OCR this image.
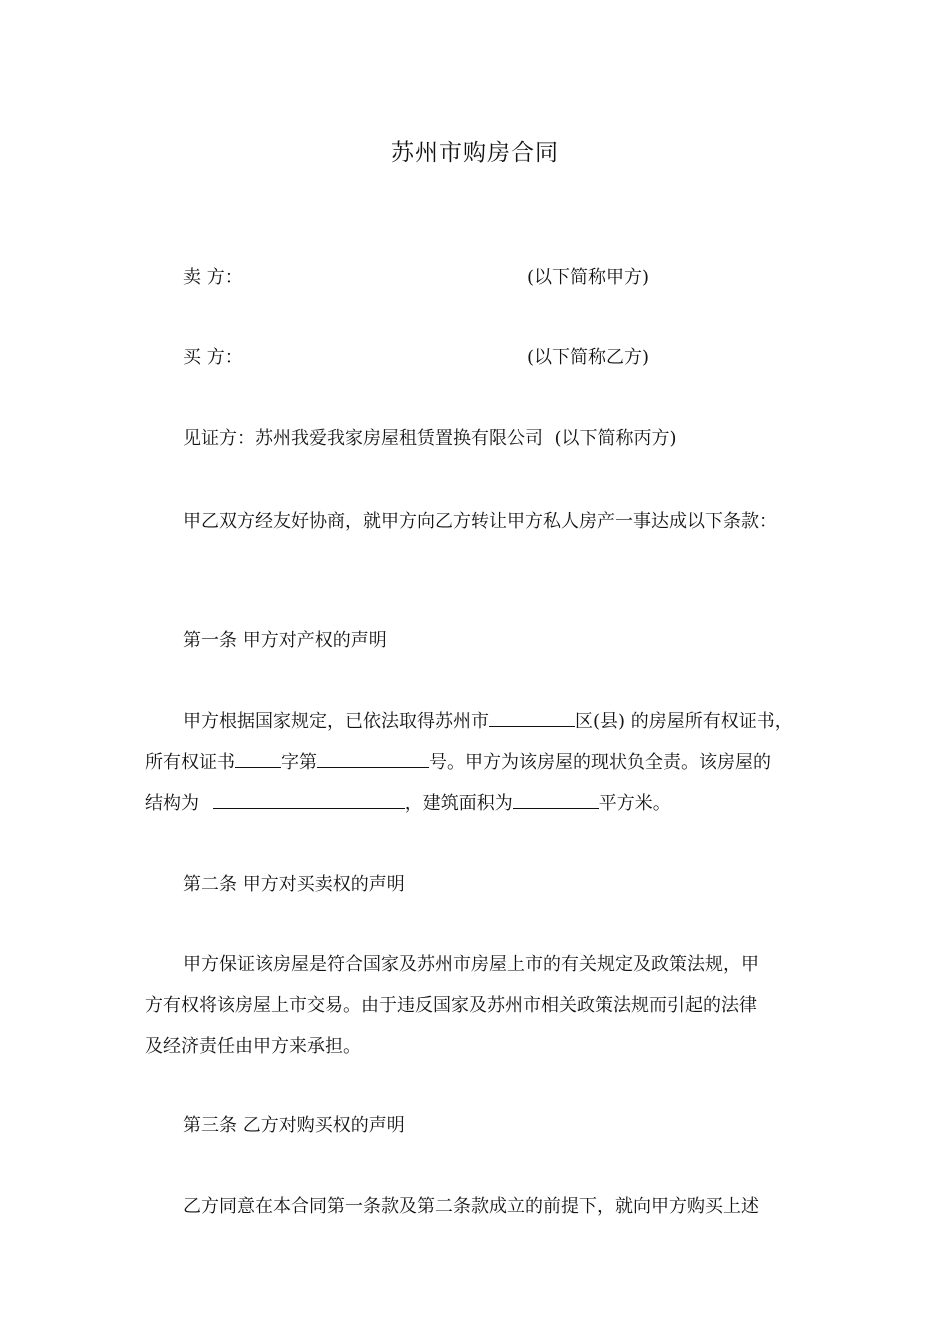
苏州市购房合同
卖 方：	(以下简称甲方)
买 方：	(以下简称乙方)
见证方：苏州我爱我家房屋租赁置换有限公司 (以下简称丙方)
甲乙双方经友好协商，就甲方向乙方转让甲方私人房产一事达成以下条款：
第一条 甲方对产权的声明
甲方根据国家规定，已依法取得苏州市	区(县) 的房屋所有权证书，
所有权证书	字第	号。甲方为该房屋的现状负全责。该房屋的
结构为	，建筑面积为	平方米。
第二条 甲方对买卖权的声明
甲方保证该房屋是符合国家及苏州市房屋上市的有关规定及政策法规，甲
方有权将该房屋上市交易。由于违反国家及苏州市相关政策法规而引起的法律
及经济责任由甲方来承担。
第三条 乙方对购买权的声明
乙方同意在本合同第一条款及第二条款成立的前提下，就向甲方购买上述
